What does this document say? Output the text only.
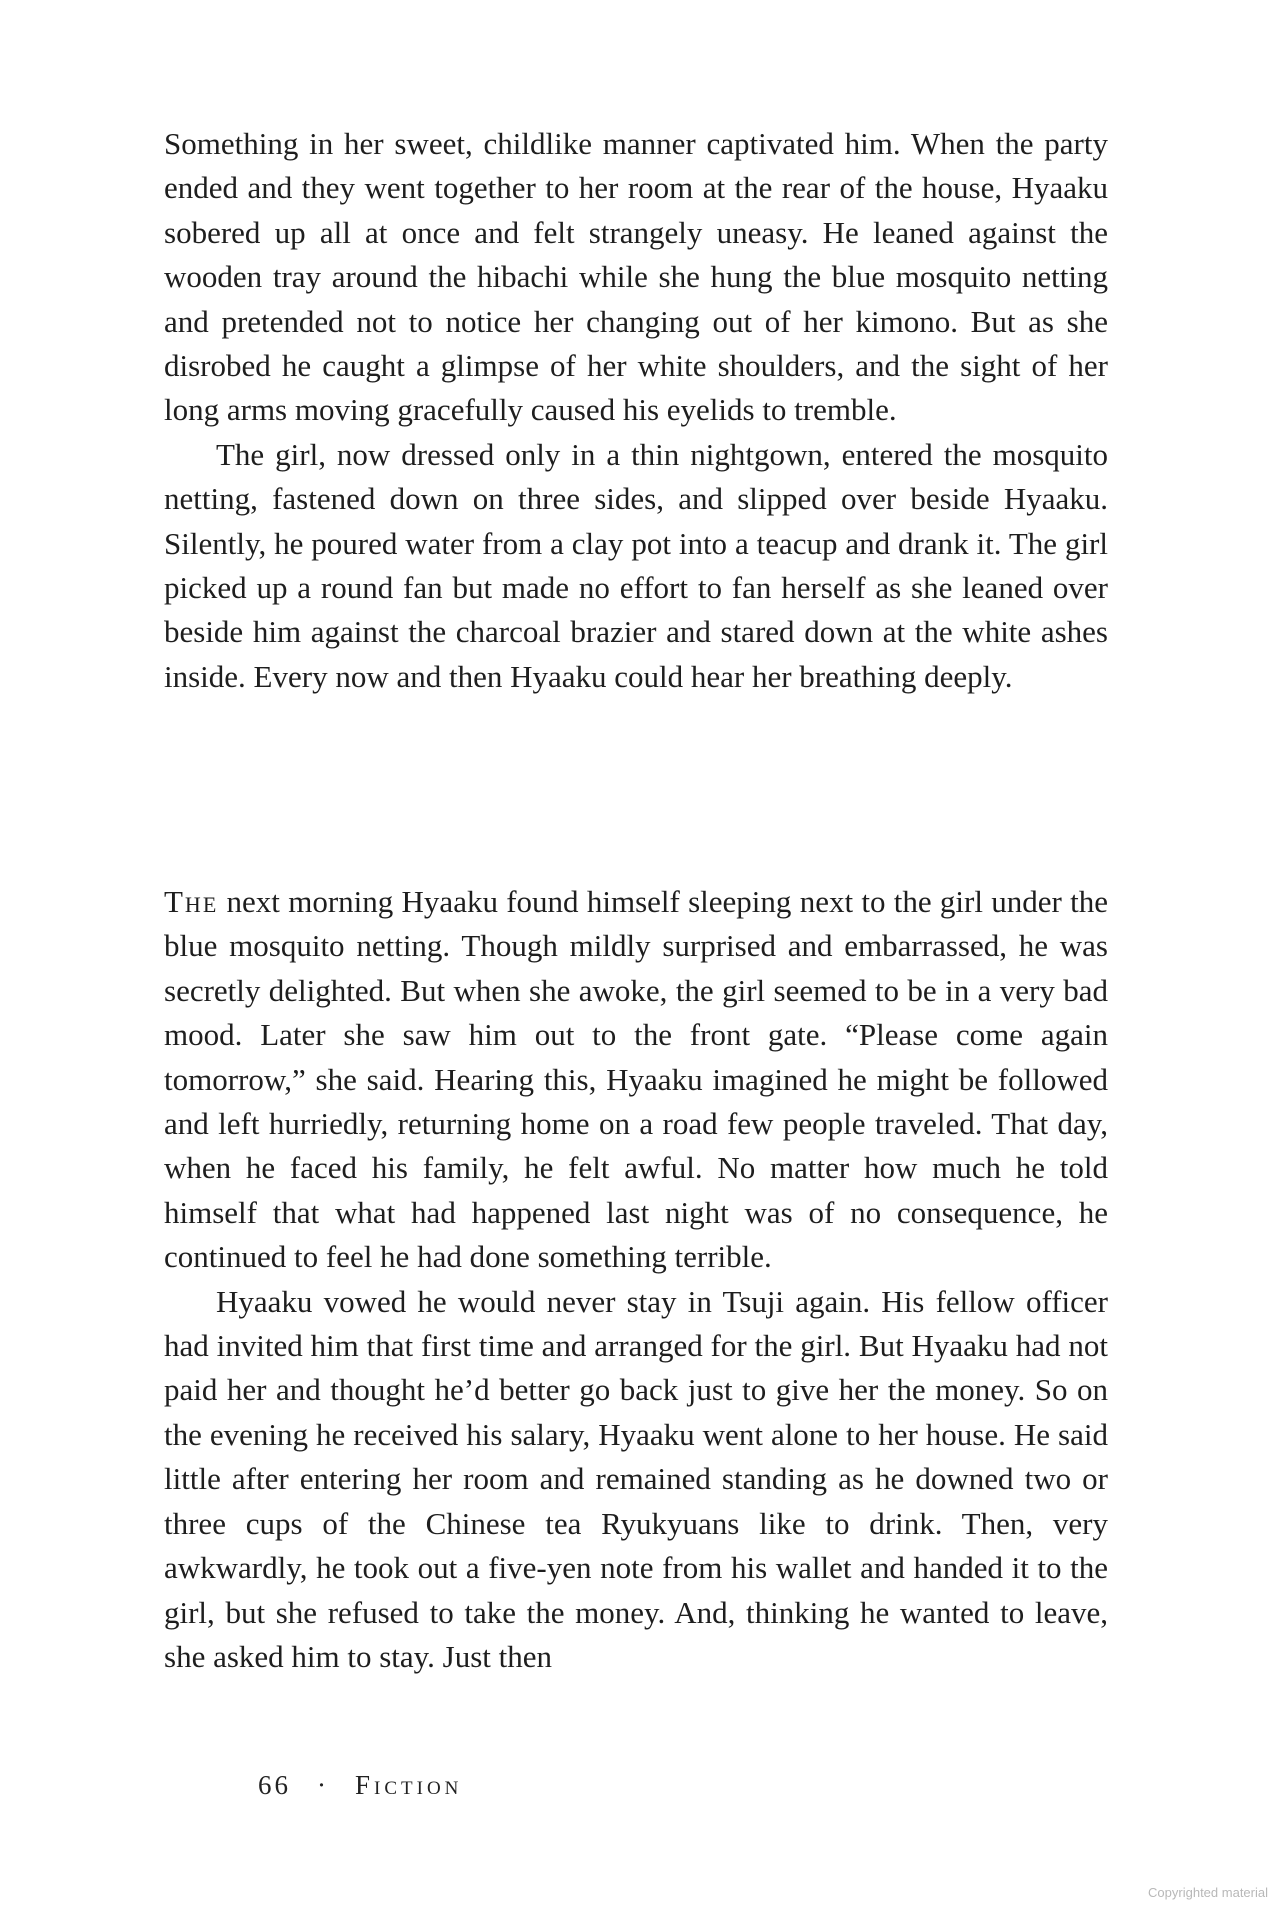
Something in her sweet, childlike manner captivated him. When the party ended and they went together to her room at the rear of the house, Hyaaku sobered up all at once and felt strangely uneasy. He leaned against the wooden tray around the hibachi while she hung the blue mosquito netting and pretended not to notice her changing out of her kimono. But as she disrobed he caught a glimpse of her white shoulders, and the sight of her long arms moving gracefully caused his eyelids to tremble.

The girl, now dressed only in a thin nightgown, entered the mosquito netting, fastened down on three sides, and slipped over beside Hyaaku. Silently, he poured water from a clay pot into a teacup and drank it. The girl picked up a round fan but made no effort to fan herself as she leaned over beside him against the charcoal brazier and stared down at the white ashes inside. Every now and then Hyaaku could hear her breathing deeply.

The next morning Hyaaku found himself sleeping next to the girl under the blue mosquito netting. Though mildly surprised and embarrassed, he was secretly delighted. But when she awoke, the girl seemed to be in a very bad mood. Later she saw him out to the front gate. “Please come again tomorrow,” she said. Hearing this, Hyaaku imagined he might be followed and left hurriedly, returning home on a road few people traveled. That day, when he faced his family, he felt awful. No matter how much he told himself that what had happened last night was of no consequence, he continued to feel he had done something terrible.

Hyaaku vowed he would never stay in Tsuji again. His fellow officer had invited him that first time and arranged for the girl. But Hyaaku had not paid her and thought he’d better go back just to give her the money. So on the evening he received his salary, Hyaaku went alone to her house. He said little after entering her room and remained standing as he downed two or three cups of the Chinese tea Ryukyuans like to drink. Then, very awkwardly, he took out a five-yen note from his wallet and handed it to the girl, but she refused to take the money. And, thinking he wanted to leave, she asked him to stay. Just then

66 · Fiction
Copyrighted material
